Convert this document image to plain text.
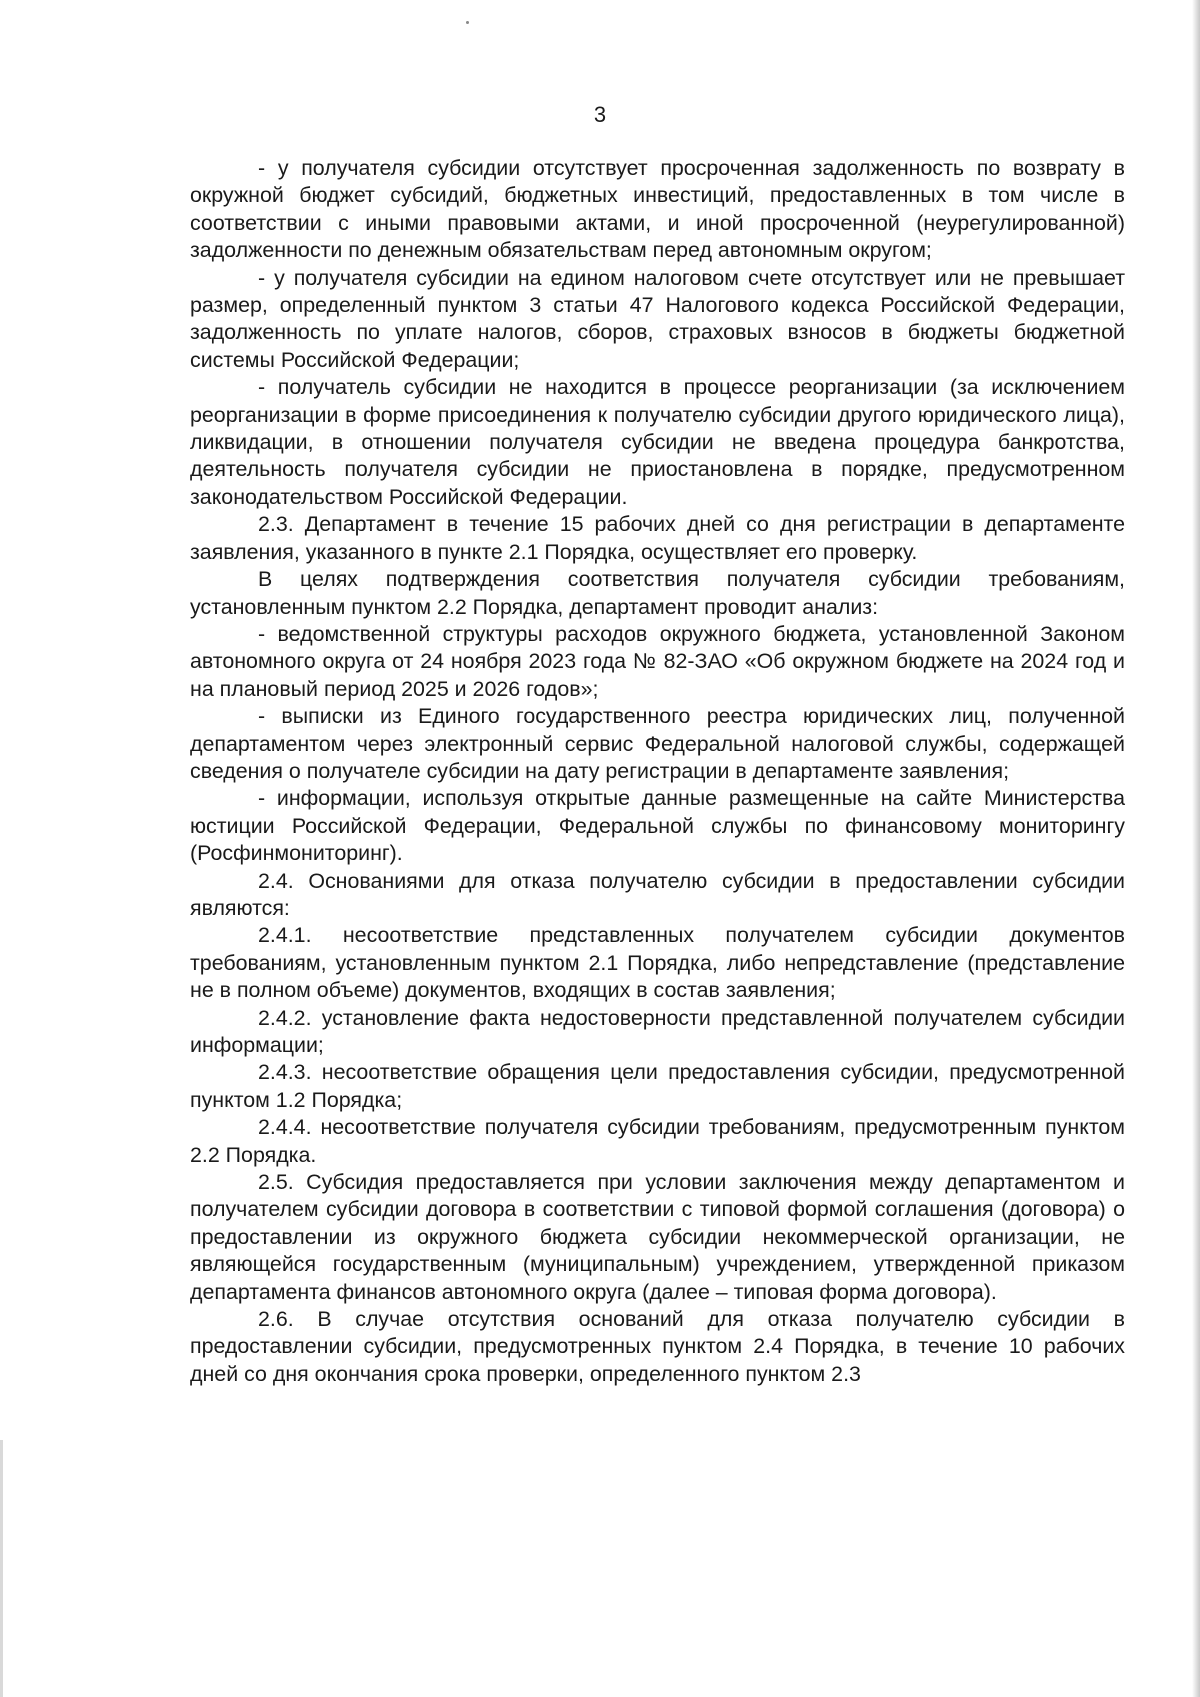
3

- у получателя субсидии отсутствует просроченная задолженность по возврату в окружной бюджет субсидий, бюджетных инвестиций, предоставленных в том числе в соответствии с иными правовыми актами, и иной просроченной (неурегулированной) задолженности по денежным обязательствам перед автономным округом;

- у получателя субсидии на едином налоговом счете отсутствует или не превышает размер, определенный пунктом 3 статьи 47 Налогового кодекса Российской Федерации, задолженность по уплате налогов, сборов, страховых взносов в бюджеты бюджетной системы Российской Федерации;

- получатель субсидии не находится в процессе реорганизации (за исключением реорганизации в форме присоединения к получателю субсидии другого юридического лица), ликвидации, в отношении получателя субсидии не введена процедура банкротства, деятельность получателя субсидии не приостановлена в порядке, предусмотренном законодательством Российской Федерации.

2.3. Департамент в течение 15 рабочих дней со дня регистрации в департаменте заявления, указанного в пункте 2.1 Порядка, осуществляет его проверку.

В целях подтверждения соответствия получателя субсидии требованиям, установленным пунктом 2.2 Порядка, департамент проводит анализ:

- ведомственной структуры расходов окружного бюджета, установленной Законом автономного округа от 24 ноября 2023 года № 82-ЗАО «Об окружном бюджете на 2024 год и на плановый период 2025 и 2026 годов»;

- выписки из Единого государственного реестра юридических лиц, полученной департаментом через электронный сервис Федеральной налоговой службы, содержащей сведения о получателе субсидии на дату регистрации в департаменте заявления;

- информации, используя открытые данные размещенные на сайте Министерства юстиции Российской Федерации, Федеральной службы по финансовому мониторингу (Росфинмониторинг).

2.4. Основаниями для отказа получателю субсидии в предоставлении субсидии являются:

2.4.1. несоответствие представленных получателем субсидии документов требованиям, установленным пунктом 2.1 Порядка, либо непредставление (представление не в полном объеме) документов, входящих в состав заявления;

2.4.2. установление факта недостоверности представленной получателем субсидии информации;

2.4.3. несоответствие обращения цели предоставления субсидии, предусмотренной пунктом 1.2 Порядка;

2.4.4. несоответствие получателя субсидии требованиям, предусмотренным пунктом 2.2 Порядка.

2.5. Субсидия предоставляется при условии заключения между департаментом и получателем субсидии договора в соответствии с типовой формой соглашения (договора) о предоставлении из окружного бюджета субсидии некоммерческой организации, не являющейся государственным (муниципальным) учреждением, утвержденной приказом департамента финансов автономного округа (далее – типовая форма договора).

2.6. В случае отсутствия оснований для отказа получателю субсидии в предоставлении субсидии, предусмотренных пунктом 2.4 Порядка, в течение 10 рабочих дней со дня окончания срока проверки, определенного пунктом 2.3
